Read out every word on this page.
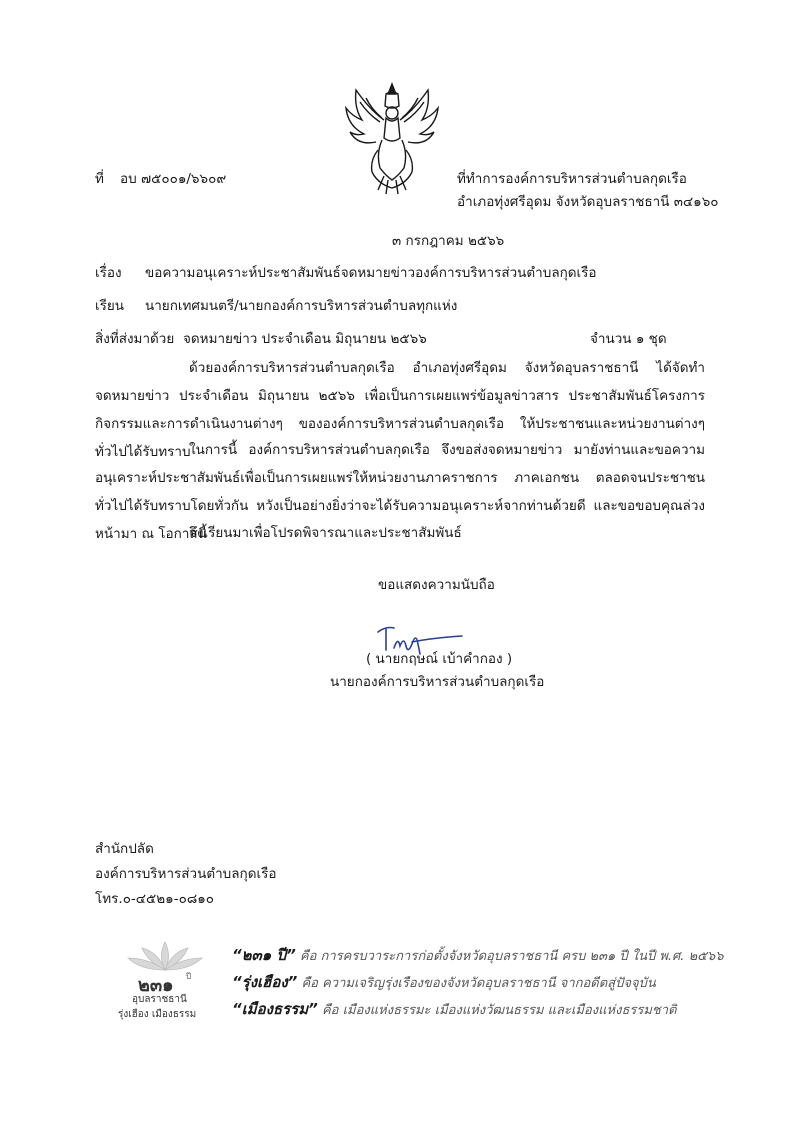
ที่ อบ ๗๕๐๐๑/๖๖๐๙	ที่ทำการองค์การบริหารส่วนตำบลกุดเรือ
อำเภอทุ่งศรีอุดม จังหวัดอุบลราชธานี ๓๔๑๖๐
๓ กรกฎาคม ๒๕๖๖
เรื่อง ขอความอนุเคราะห์ประชาสัมพันธ์จดหมายข่าวองค์การบริหารส่วนตำบลกุดเรือ
เรียน นายกเทศมนตรี/นายกองค์การบริหารส่วนตำบลทุกแห่ง
สิ่งที่ส่งมาด้วย จดหมายข่าว ประจำเดือน มิถุนายน ๒๕๖๖	จำนวน ๑ ชุด
ด้วยองค์การบริหารส่วนตำบลกุดเรือ อำเภอทุ่งศรีอุดม จังหวัดอุบลราชธานี ได้จัดทำจดหมายข่าว ประจำเดือน มิถุนายน ๒๕๖๖ เพื่อเป็นการเผยแพร่ข้อมูลข่าวสาร ประชาสัมพันธ์โครงการ กิจกรรมและการดำเนินงานต่างๆ ขององค์การบริหารส่วนตำบลกุดเรือ ให้ประชาชนและหน่วยงานต่างๆ ทั่วไปได้รับทราบ
ในการนี้ องค์การบริหารส่วนตำบลกุดเรือ จึงขอส่งจดหมายข่าว มายังท่านและขอความอนุเคราะห์ประชาสัมพันธ์เพื่อเป็นการเผยแพร่ให้หน่วยงานภาคราชการ ภาคเอกชน ตลอดจนประชาชนทั่วไปได้รับทราบโดยทั่วกัน หวังเป็นอย่างยิ่งว่าจะได้รับความอนุเคราะห์จากท่านด้วยดี และขอขอบคุณล่วงหน้ามา ณ โอกาสนี้
จึงเรียนมาเพื่อโปรดพิจารณาและประชาสัมพันธ์
ขอแสดงความนับถือ
( นายกฤษณ์ เบ้าคำกอง )
นายกองค์การบริหารส่วนตำบลกุดเรือ
สำนักปลัด
องค์การบริหารส่วนตำบลกุดเรือ
โทร.๐-๔๕๒๑-๐๘๑๐
๒๓๑ ปี
อุบลราชธานี
รุ่งเฮือง เมืองธรรม
“๒๓๑ ปี” คือ การครบวาระการก่อตั้งจังหวัดอุบลราชธานี ครบ ๒๓๑ ปี ในปี พ.ศ. ๒๕๖๖
“รุ่งเฮือง” คือ ความเจริญรุ่งเรืองของจังหวัดอุบลราชธานี จากอดีตสู่ปัจจุบัน
“เมืองธรรม” คือ เมืองแห่งธรรมะ เมืองแห่งวัฒนธรรม และเมืองแห่งธรรมชาติ
